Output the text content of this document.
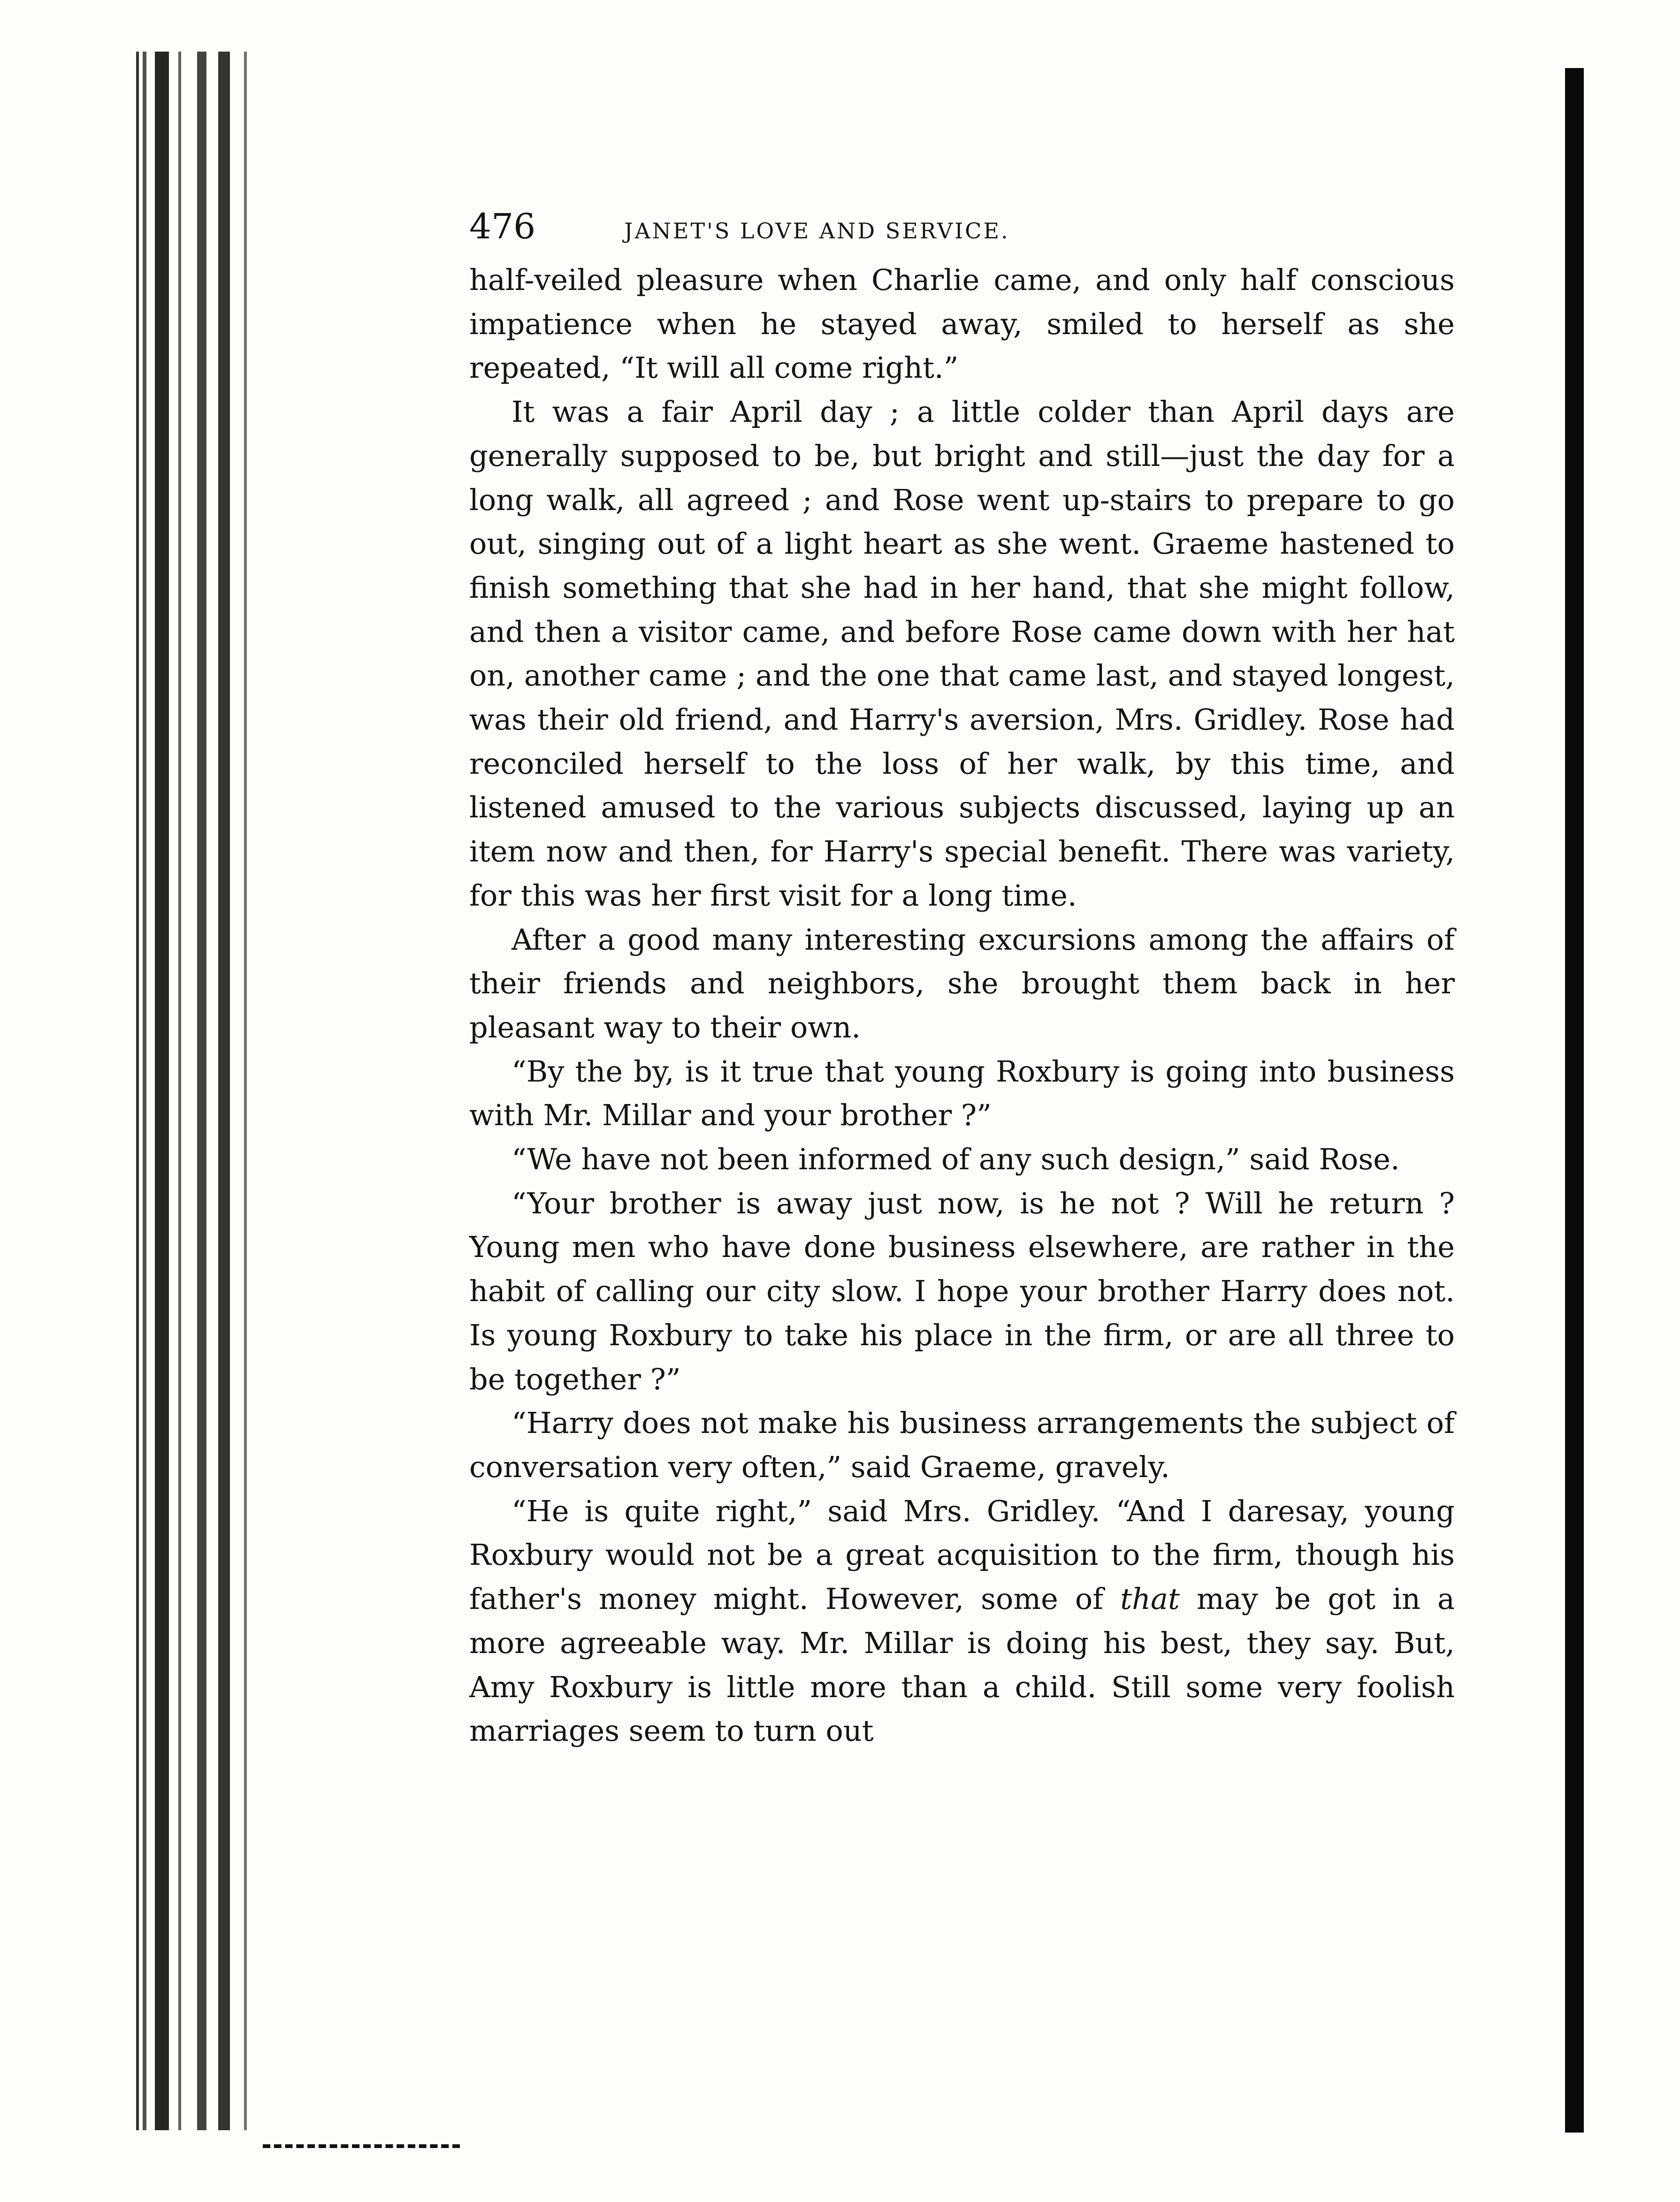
476	JANET'S LOVE AND SERVICE.

half-veiled pleasure when Charlie came, and only half conscious impatience when he stayed away, smiled to herself as she repeated, “It will all come right.”

It was a fair April day ; a little colder than April days are generally supposed to be, but bright and still—just the day for a long walk, all agreed ; and Rose went up-stairs to prepare to go out, singing out of a light heart as she went. Graeme hastened to finish something that she had in her hand, that she might follow, and then a visitor came, and before Rose came down with her hat on, another came ; and the one that came last, and stayed longest, was their old friend, and Harry's aversion, Mrs. Gridley. Rose had reconciled herself to the loss of her walk, by this time, and listened amused to the various subjects discussed, laying up an item now and then, for Harry's special benefit. There was variety, for this was her first visit for a long time.

After a good many interesting excursions among the affairs of their friends and neighbors, she brought them back in her pleasant way to their own.

“By the by, is it true that young Roxbury is going into business with Mr. Millar and your brother ?”

“We have not been informed of any such design,” said Rose.

“Your brother is away just now, is he not ? Will he return ? Young men who have done business elsewhere, are rather in the habit of calling our city slow. I hope your brother Harry does not. Is young Roxbury to take his place in the firm, or are all three to be together ?”

“Harry does not make his business arrangements the subject of conversation very often,” said Graeme, gravely.

“He is quite right,” said Mrs. Gridley. “And I daresay, young Roxbury would not be a great acquisition to the firm, though his father's money might. However, some of that may be got in a more agreeable way. Mr. Millar is doing his best, they say. But, Amy Roxbury is little more than a child. Still some very foolish marriages seem to turn out
